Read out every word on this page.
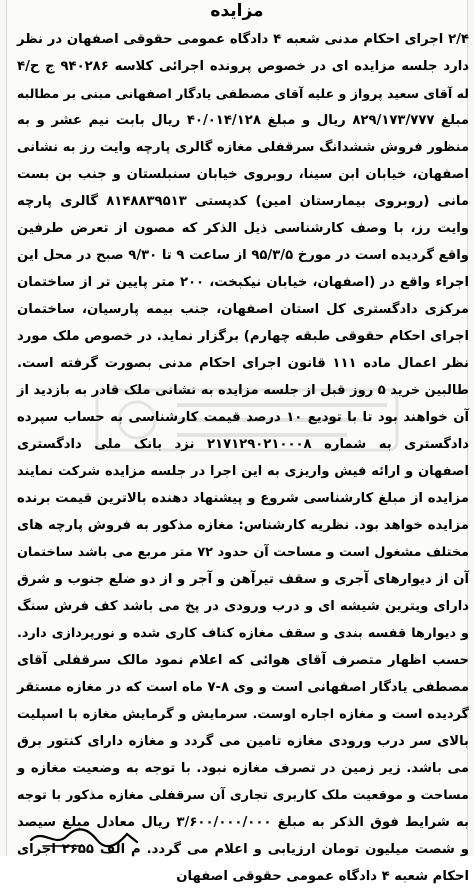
مزایده
۲/۴ اجرای احکام مدنی شعبه ۴ دادگاه عمومی حقوقی اصفهان در نظر
دارد جلسه مزایده ای در خصوص پرونده اجرائی کلاسه ۹۴۰۲۸۶ ج ح/۴
له آقای سعید پرواز و علیه آقای مصطفی یادگار اصفهانی مبنی بر مطالبه
مبلغ ۸۲۹/۱۷۳/۷۷۷ ریال و مبلغ ۴۰/۰۱۴/۱۲۸ ریال بابت نیم عشر و به
منظور فروش ششدانگ سرقفلی مغازه گالری پارچه وایت رز به نشانی
اصفهان، خیابان ابن سینا، روبروی خیابان سنبلستان و جنب بن بست
مانی (روبروی بیمارستان امین) کدپستی ۸۱۴۸۸۳۹۵۱۳ گالری پارچه
وایت رز، با وصف کارشناسی ذیل الذکر که مصون از تعرض طرفین
واقع گردیده است در مورخ ۹۵/۳/۵ از ساعت ۹ تا ۹/۳۰ صبح در محل این
اجراء واقع در (اصفهان، خیابان نیکبخت، ۲۰۰ متر پایین تر از ساختمان
مرکزی دادگستری کل استان اصفهان، جنب بیمه پارسیان، ساختمان
اجرای احکام حقوقی طبقه چهارم) برگزار نماید. در خصوص ملک مورد
نظر اعمال ماده ۱۱۱ قانون اجرای احکام مدنی بصورت گرفته است.
طالبین خرید ۵ روز قبل از جلسه مزایده به نشانی ملک قادر به بازدید از
آن خواهند بود تا با تودیع ۱۰ درصد قیمت کارشناسی به حساب سپرده
دادگستری به شماره ۲۱۷۱۲۹۰۲۱۰۰۰۸ نزد بانک ملی دادگستری
اصفهان و ارائه فیش واریزی به این اجرا در جلسه مزایده شرکت نمایند
مزایده از مبلغ کارشناسی شروع و پیشنهاد دهنده بالاترین قیمت برنده
مزایده خواهد بود. نظریه کارشناس: مغازه مذکور به فروش پارچه های
مختلف مشغول است و مساحت آن حدود ۷۲ متر مربع می باشد ساختمان
آن از دیوارهای آجری و سقف تیرآهن و آجر و از دو ضلع جنوب و شرق
دارای ویترین شیشه ای و درب ورودی در پخ می باشد کف فرش سنگ
و دیوارها قفسه بندی و سقف مغازه کناف کاری شده و نورپردازی دارد.
حسب اظهار متصرف آقای هوائی که اعلام نمود مالک سرقفلی آقای
مصطفی یادگار اصفهانی است و وی ۸-۷ ماه است که در مغازه مستقر
گردیده است و مغازه اجاره اوست. سرمایش و گرمایش مغازه با اسپلیت
بالای سر درب ورودی مغازه تامین می گردد و مغازه دارای کنتور برق
می باشد. زیر زمین در تصرف مغازه نبود. با توجه به وضعیت مغازه و
مساحت و موقعیت ملک کاربری تجاری آن سرقفلی مغازه مذکور با توجه
به شرایط فوق الذکر به مبلغ ۳/۶۰۰/۰۰۰/۰۰۰ ریال معادل مبلغ سیصد
و شصت میلیون تومان ارزیابی و اعلام می گردد. م الف ۲۶۵۵ اجرای
احکام شعبه ۴ دادگاه عمومی حقوقی اصفهان
